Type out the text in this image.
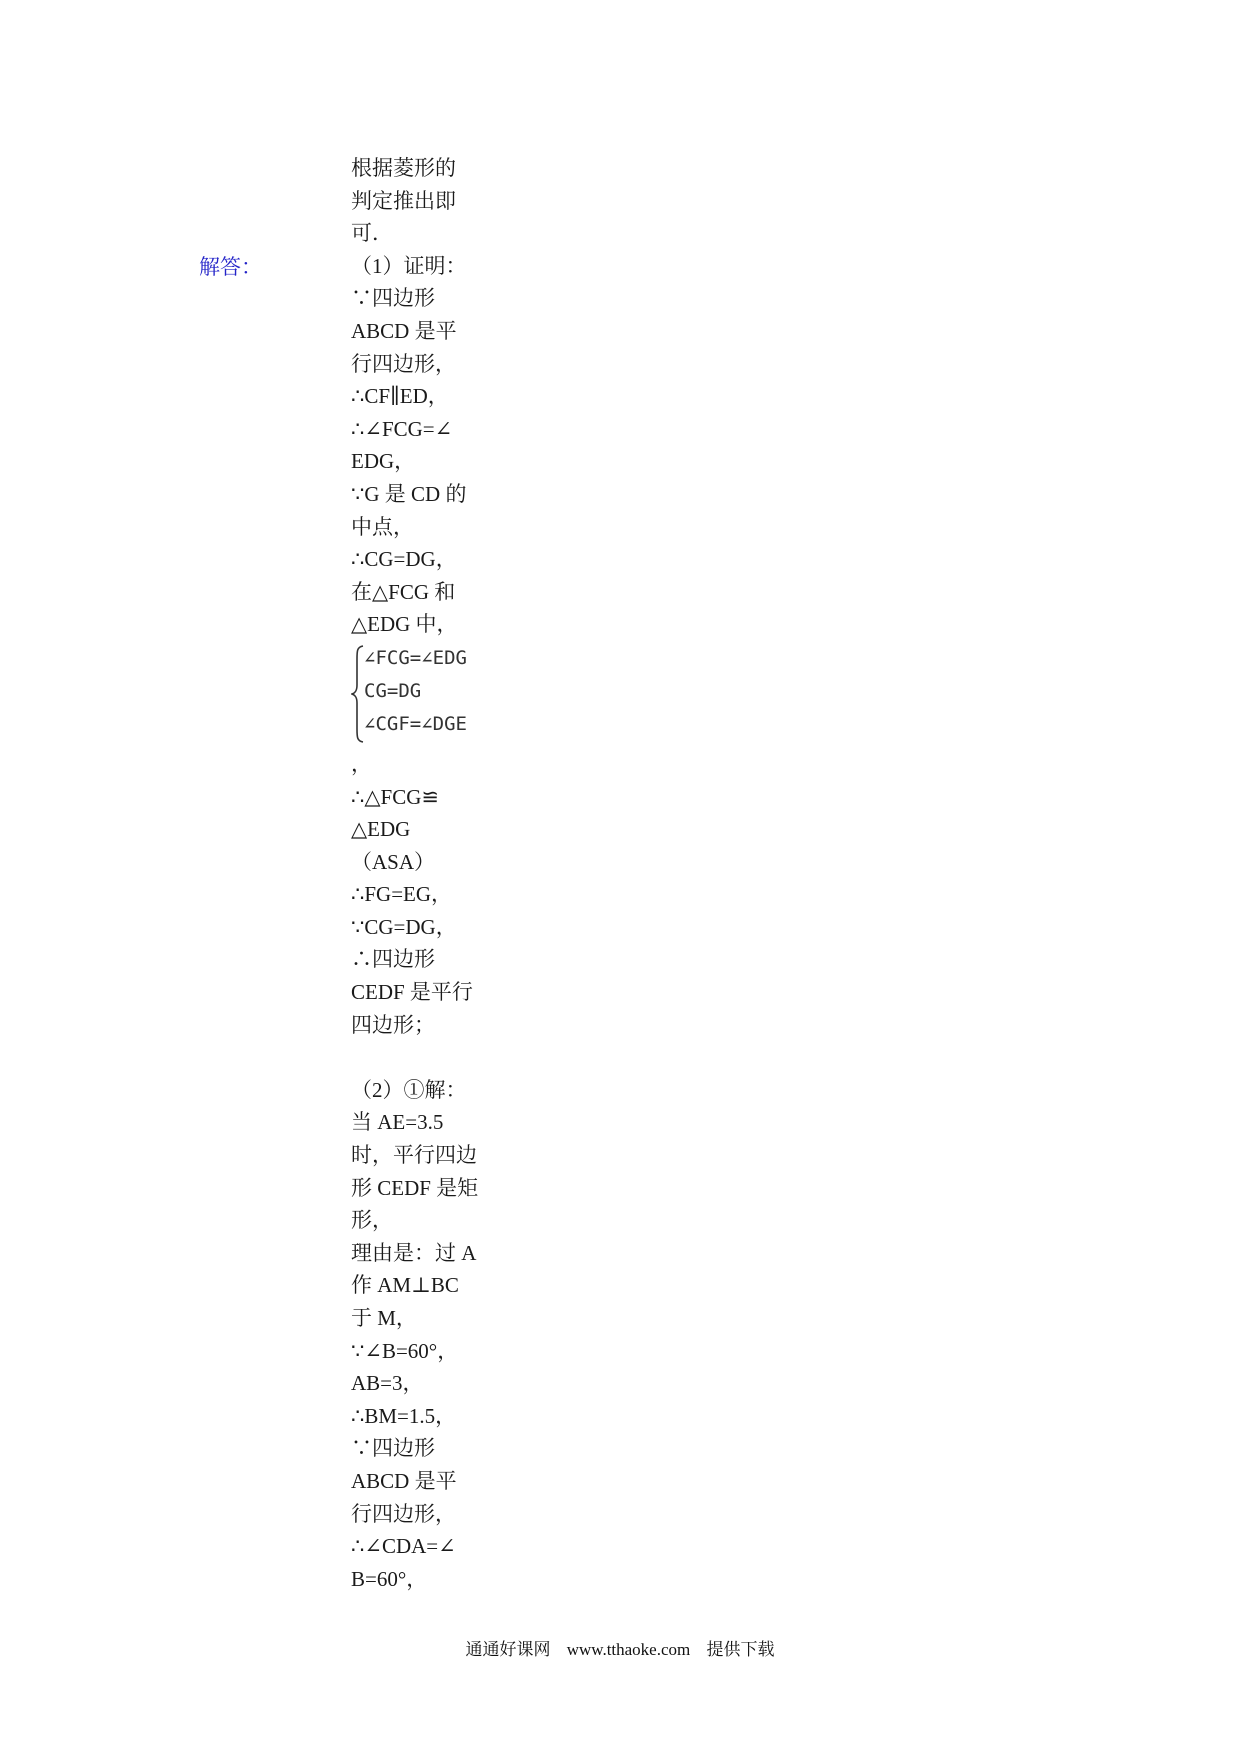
解答：
根据菱形的
判定推出即
可．
（1）证明：
∵四边形
ABCD 是平
行四边形，
∴CF∥ED，
∴∠FCG=∠
EDG，
∵G 是 CD 的
中点，
∴CG=DG，
在△FCG 和
△EDG 中，
∠FCG=∠EDG
CG=DG
∠CGF=∠DGE
，
∴△FCG≌
△EDG
（ASA）
∴FG=EG，
∵CG=DG，
∴四边形
CEDF 是平行
四边形；
（2）①解：
当 AE=3.5
时，平行四边
形 CEDF 是矩
形，
理由是：过 A
作 AM⊥BC
于 M，
∵∠B=60°，
AB=3，
∴BM=1.5，
∵四边形
ABCD 是平
行四边形，
∴∠CDA=∠
B=60°，
通通好课网 www.tthaoke.com 提供下载
